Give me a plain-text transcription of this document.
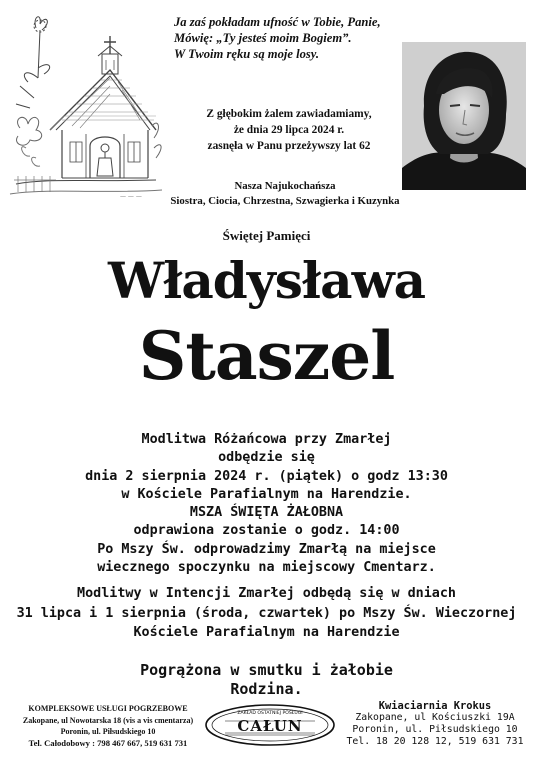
— — —
Ja zaś pokładam ufność w Tobie, Panie,
Mówię: „Ty jesteś moim Bogiem”.
W Twoim ręku są moje losy.
Z głębokim żalem zawiadamiamy,
że dnia 29 lipca 2024 r.
zasnęła w Panu przeżywszy lat 62
Nasza Najukochańsza
Siostra, Ciocia, Chrzestna, Szwagierka i Kuzynka
Świętej Pamięci
Władysława
Staszel
Modlitwa Różańcowa przy Zmarłej
odbędzie się
dnia 2 sierpnia 2024 r. (piątek) o godz 13:30
w Kościele Parafialnym na Harendzie.
MSZA ŚWIĘTA ŻAŁOBNA
odprawiona zostanie o godz. 14:00
Po Mszy Św. odprowadzimy Zmarłą na miejsce
wiecznego spoczynku na miejscowy Cmentarz.
Modlitwy w Intencji Zmarłej odbędą się w dniach
31 lipca i 1 sierpnia (środa, czwartek) po Mszy Św. Wieczornej
Kościele Parafialnym na Harendzie
Pogrążona w smutku i żałobie
Rodzina.
KOMPLEKSOWE USŁUGI POGRZEBOWE
Zakopane, ul Nowotarska 18 (vis a vis cmentarza)
Poronin, ul. Piłsudskiego 10
Tel. Całodobowy : 798 467 667, 519 631 731
ZAKŁAD OSTATNIEJ POSŁUGI
CAŁUN
Kwiaciarnia Krokus
Zakopane, ul Kościuszki 19A
Poronin, ul. Piłsudskiego 10
Tel. 18 20 128 12, 519 631 731
